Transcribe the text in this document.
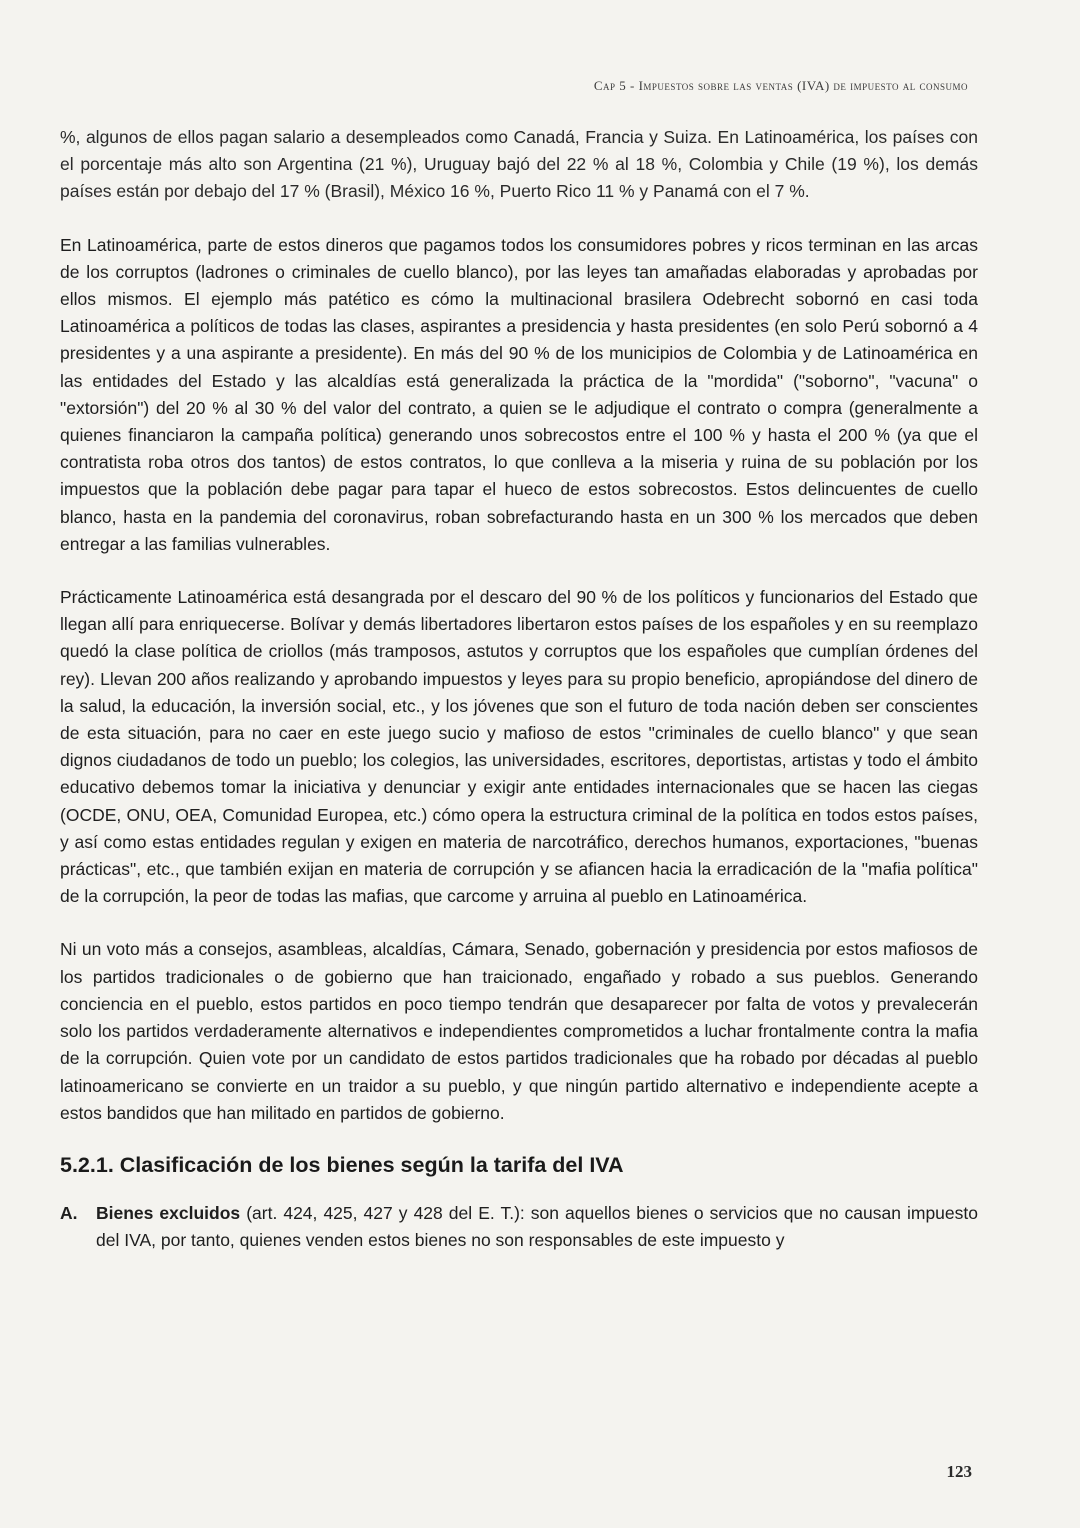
Cap 5 - Impuestos sobre las ventas (IVA) de impuesto al consumo

%, algunos de ellos pagan salario a desempleados como Canadá, Francia y Suiza. En Latinoamérica, los países con el porcentaje más alto son Argentina (21 %), Uruguay bajó del 22 % al 18 %, Colombia y Chile (19 %), los demás países están por debajo del 17 % (Brasil), México 16 %, Puerto Rico 11 % y Panamá con el 7 %.

En Latinoamérica, parte de estos dineros que pagamos todos los consumidores pobres y ricos terminan en las arcas de los corruptos (ladrones o criminales de cuello blanco), por las leyes tan amañadas elaboradas y aprobadas por ellos mismos. El ejemplo más patético es cómo la multinacional brasilera Odebrecht sobornó en casi toda Latinoamérica a políticos de todas las clases, aspirantes a presidencia y hasta presidentes (en solo Perú sobornó a 4 presidentes y a una aspirante a presidente). En más del 90 % de los municipios de Colombia y de Latinoamérica en las entidades del Estado y las alcaldías está generalizada la práctica de la "mordida" ("soborno", "vacuna" o "extorsión") del 20 % al 30 % del valor del contrato, a quien se le adjudique el contrato o compra (generalmente a quienes financiaron la campaña política) generando unos sobrecostos entre el 100 % y hasta el 200 % (ya que el contratista roba otros dos tantos) de estos contratos, lo que conlleva a la miseria y ruina de su población por los impuestos que la población debe pagar para tapar el hueco de estos sobrecostos. Estos delincuentes de cuello blanco, hasta en la pandemia del coronavirus, roban sobrefacturando hasta en un 300 % los mercados que deben entregar a las familias vulnerables.

Prácticamente Latinoamérica está desangrada por el descaro del 90 % de los políticos y funcionarios del Estado que llegan allí para enriquecerse. Bolívar y demás libertadores libertaron estos países de los españoles y en su reemplazo quedó la clase política de criollos (más tramposos, astutos y corruptos que los españoles que cumplían órdenes del rey). Llevan 200 años realizando y aprobando impuestos y leyes para su propio beneficio, apropiándose del dinero de la salud, la educación, la inversión social, etc., y los jóvenes que son el futuro de toda nación deben ser conscientes de esta situación, para no caer en este juego sucio y mafioso de estos "criminales de cuello blanco" y que sean dignos ciudadanos de todo un pueblo; los colegios, las universidades, escritores, deportistas, artistas y todo el ámbito educativo debemos tomar la iniciativa y denunciar y exigir ante entidades internacionales que se hacen las ciegas (OCDE, ONU, OEA, Comunidad Europea, etc.) cómo opera la estructura criminal de la política en todos estos países, y así como estas entidades regulan y exigen en materia de narcotráfico, derechos humanos, exportaciones, "buenas prácticas", etc., que también exijan en materia de corrupción y se afiancen hacia la erradicación de la "mafia política" de la corrupción, la peor de todas las mafias, que carcome y arruina al pueblo en Latinoamérica.

Ni un voto más a consejos, asambleas, alcaldías, Cámara, Senado, gobernación y presidencia por estos mafiosos de los partidos tradicionales o de gobierno que han traicionado, engañado y robado a sus pueblos. Generando conciencia en el pueblo, estos partidos en poco tiempo tendrán que desaparecer por falta de votos y prevalecerán solo los partidos verdaderamente alternativos e independientes comprometidos a luchar frontalmente contra la mafia de la corrupción. Quien vote por un candidato de estos partidos tradicionales que ha robado por décadas al pueblo latinoamericano se convierte en un traidor a su pueblo, y que ningún partido alternativo e independiente acepte a estos bandidos que han militado en partidos de gobierno.

5.2.1. Clasificación de los bienes según la tarifa del IVA
A.	Bienes excluidos (art. 424, 425, 427 y 428 del E. T.): son aquellos bienes o servicios que no causan impuesto del IVA, por tanto, quienes venden estos bienes no son responsables de este impuesto y
123
